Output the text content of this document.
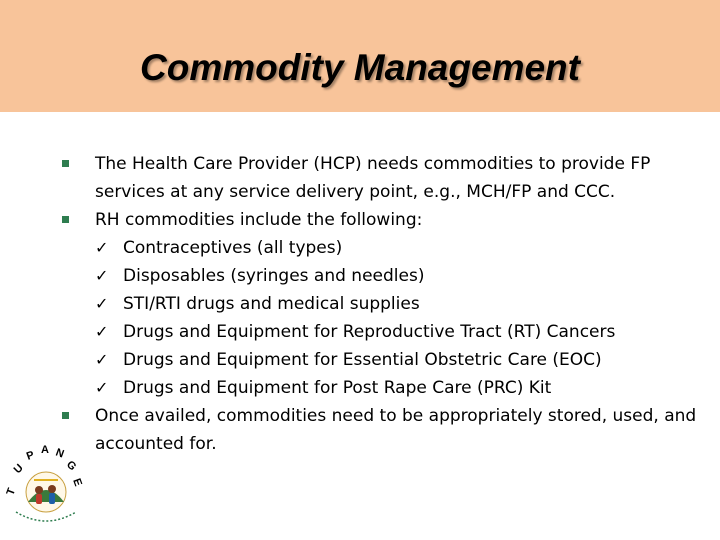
Commodity Management
The Health Care Provider (HCP) needs commodities to provide FP services at any service delivery point, e.g., MCH/FP and CCC.
RH commodities include the following:
✓ Contraceptives (all types)
✓ Disposables (syringes and needles)
✓ STI/RTI drugs and medical supplies
✓ Drugs and Equipment for Reproductive Tract (RT) Cancers
✓ Drugs and Equipment for Essential Obstetric Care (EOC)
✓ Drugs and Equipment for Post Rape Care (PRC) Kit
Once availed, commodities need to be appropriately stored, used, and accounted for.
T
U
P A N
G
E
